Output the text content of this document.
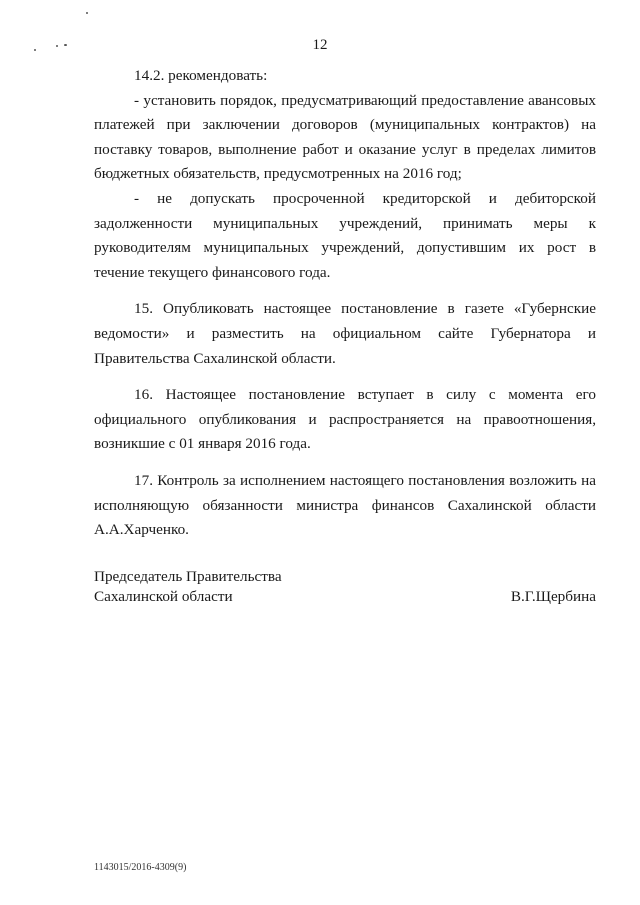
12

14.2. рекомендовать:

- установить порядок, предусматривающий предоставление авансовых платежей при заключении договоров (муниципальных контрактов) на поставку товаров, выполнение работ и оказание услуг в пределах лимитов бюджетных обязательств, предусмотренных на 2016 год;

- не допускать просроченной кредиторской и дебиторской задолженности муниципальных учреждений, принимать меры к руководителям муниципальных учреждений, допустившим их рост в течение текущего финансового года.

15. Опубликовать настоящее постановление в газете «Губернские ведомости» и разместить на официальном сайте Губернатора и Правительства Сахалинской области.

16. Настоящее постановление вступает в силу с момента его официального опубликования и распространяется на правоотношения, возникшие с 01 января 2016 года.

17. Контроль за исполнением настоящего постановления возложить на исполняющую обязанности министра финансов Сахалинской области А.А.Харченко.

Председатель Правительства
Сахалинской области	В.Г.Щербина
1143015/2016-4309(9)
